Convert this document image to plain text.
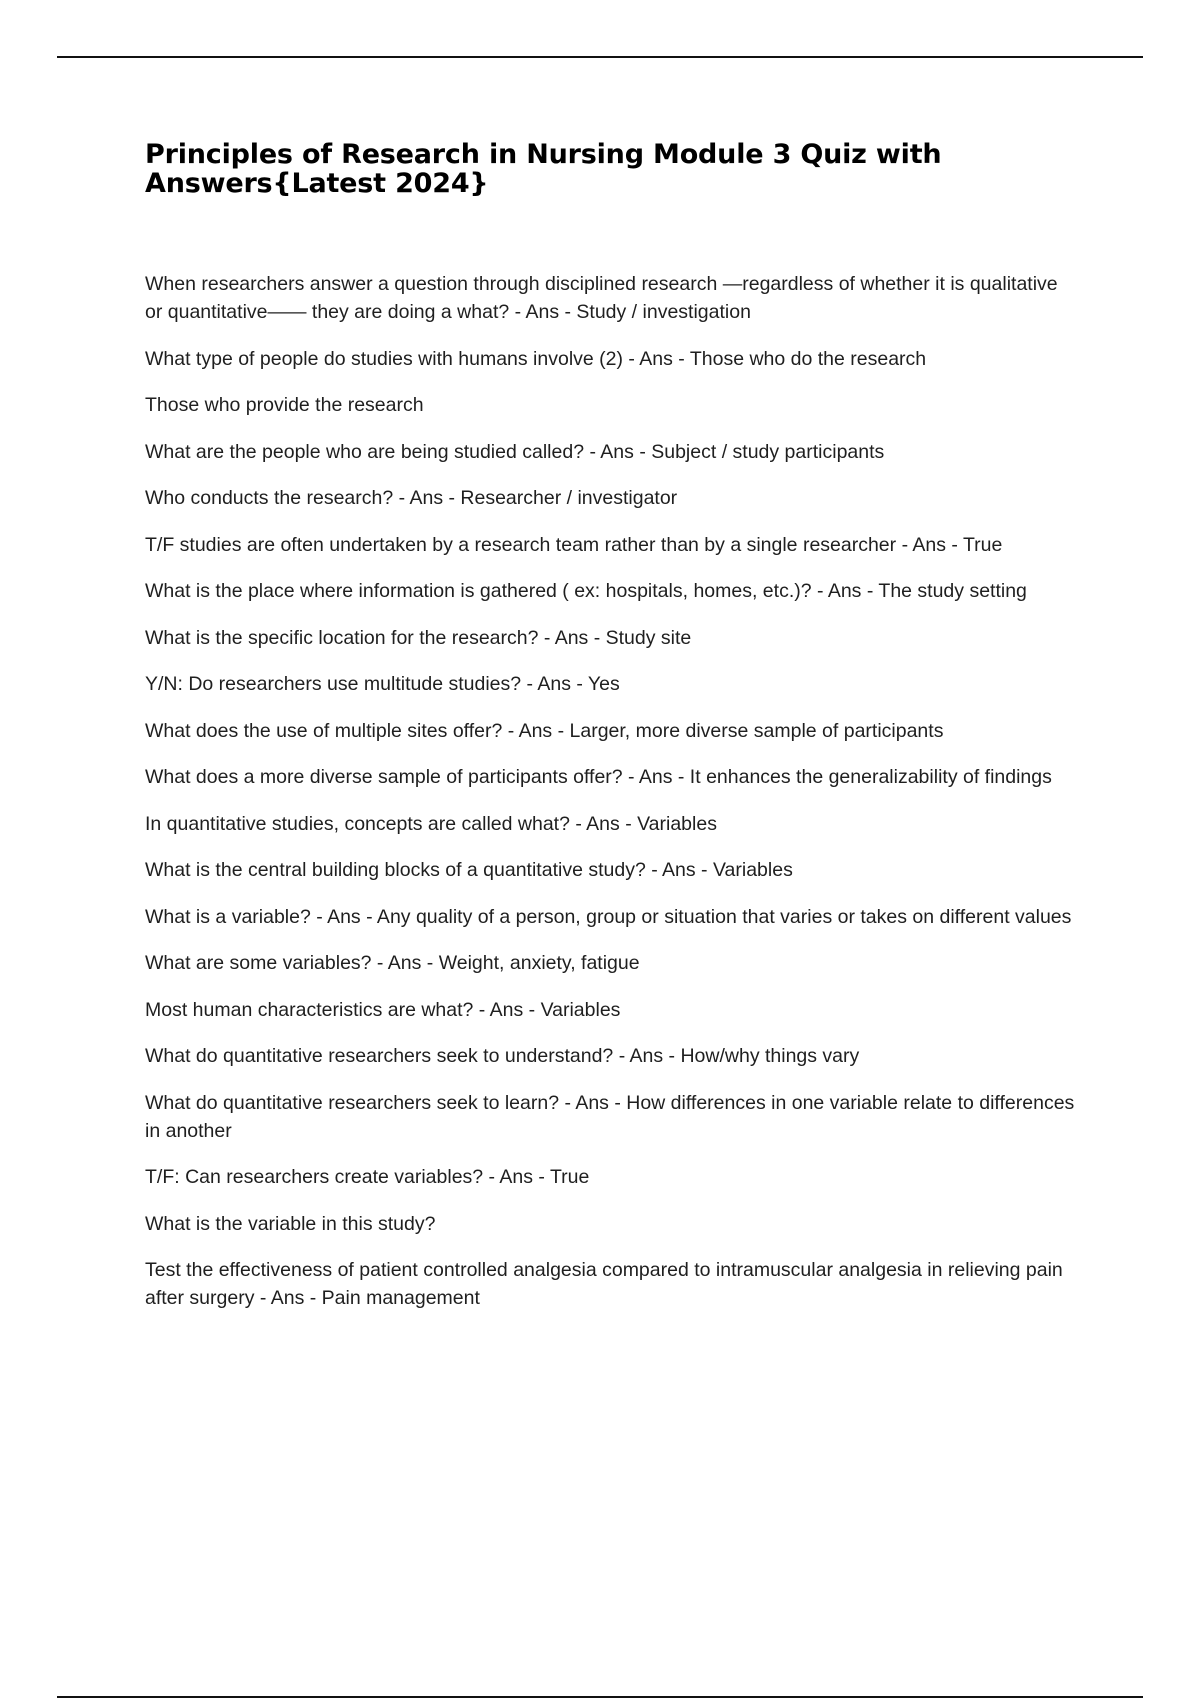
Principles of Research in Nursing Module 3 Quiz with Answers{Latest 2024}

When researchers answer a question through disciplined research —regardless of whether it is qualitative or quantitative—— they are doing a what? - Ans - Study / investigation

What type of people do studies with humans involve (2) - Ans - Those who do the research

Those who provide the research

What are the people who are being studied called? - Ans - Subject / study participants

Who conducts the research? - Ans - Researcher / investigator

T/F studies are often undertaken by a research team rather than by a single researcher - Ans - True

What is the place where information is gathered ( ex: hospitals, homes, etc.)? - Ans - The study setting

What is the specific location for the research? - Ans - Study site

Y/N: Do researchers use multitude studies? - Ans - Yes

What does the use of multiple sites offer? - Ans - Larger, more diverse sample of participants

What does a more diverse sample of participants offer? - Ans - It enhances the generalizability of findings

In quantitative studies, concepts are called what? - Ans - Variables

What is the central building blocks of a quantitative study? - Ans - Variables

What is a variable? - Ans - Any quality of a person, group or situation that varies or takes on different values

What are some variables? - Ans - Weight, anxiety, fatigue

Most human characteristics are what? - Ans - Variables

What do quantitative researchers seek to understand? - Ans - How/why things vary

What do quantitative researchers seek to learn? - Ans - How differences in one variable relate to differences in another

T/F: Can researchers create variables? - Ans - True

What is the variable in this study?

Test the effectiveness of patient controlled analgesia compared to intramuscular analgesia in relieving pain after surgery - Ans - Pain management
